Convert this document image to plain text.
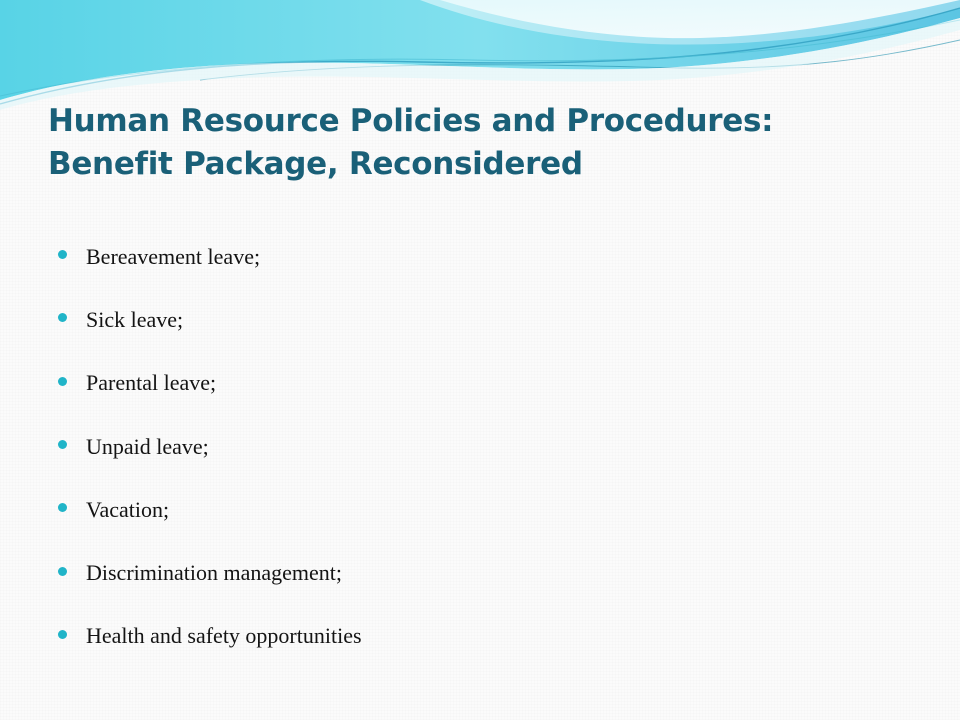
Human Resource Policies and Procedures: Benefit Package, Reconsidered
Bereavement leave;
Sick leave;
Parental leave;
Unpaid leave;
Vacation;
Discrimination management;
Health and safety opportunities
